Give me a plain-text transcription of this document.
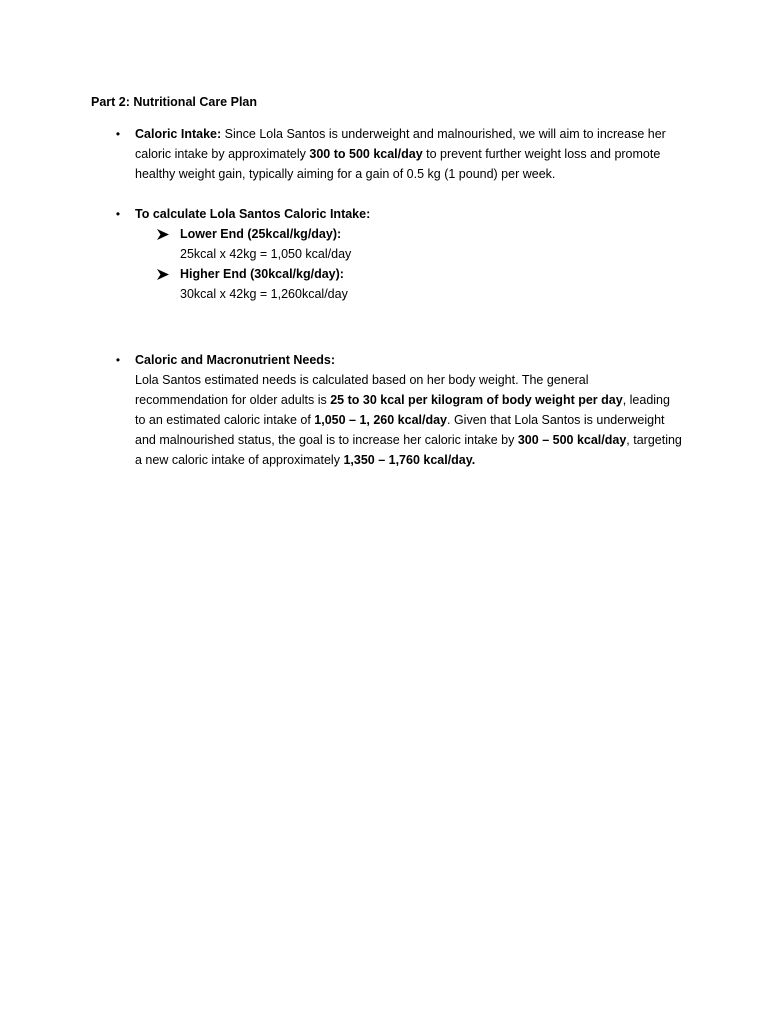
Part 2: Nutritional Care Plan
• Caloric Intake: Since Lola Santos is underweight and malnourished, we will aim to increase her caloric intake by approximately 300 to 500 kcal/day to prevent further weight loss and promote healthy weight gain, typically aiming for a gain of 0.5 kg (1 pound) per week.
• To calculate Lola Santos Caloric Intake:
Lower End (25kcal/kg/day):
25kcal x 42kg = 1,050 kcal/day
Higher End (30kcal/kg/day):
30kcal x 42kg = 1,260kcal/day
• Caloric and Macronutrient Needs:
Lola Santos estimated needs is calculated based on her body weight. The general recommendation for older adults is 25 to 30 kcal per kilogram of body weight per day, leading to an estimated caloric intake of 1,050 – 1, 260 kcal/day. Given that Lola Santos is underweight and malnourished status, the goal is to increase her caloric intake by 300 – 500 kcal/day, targeting a new caloric intake of approximately 1,350 – 1,760 kcal/day.
